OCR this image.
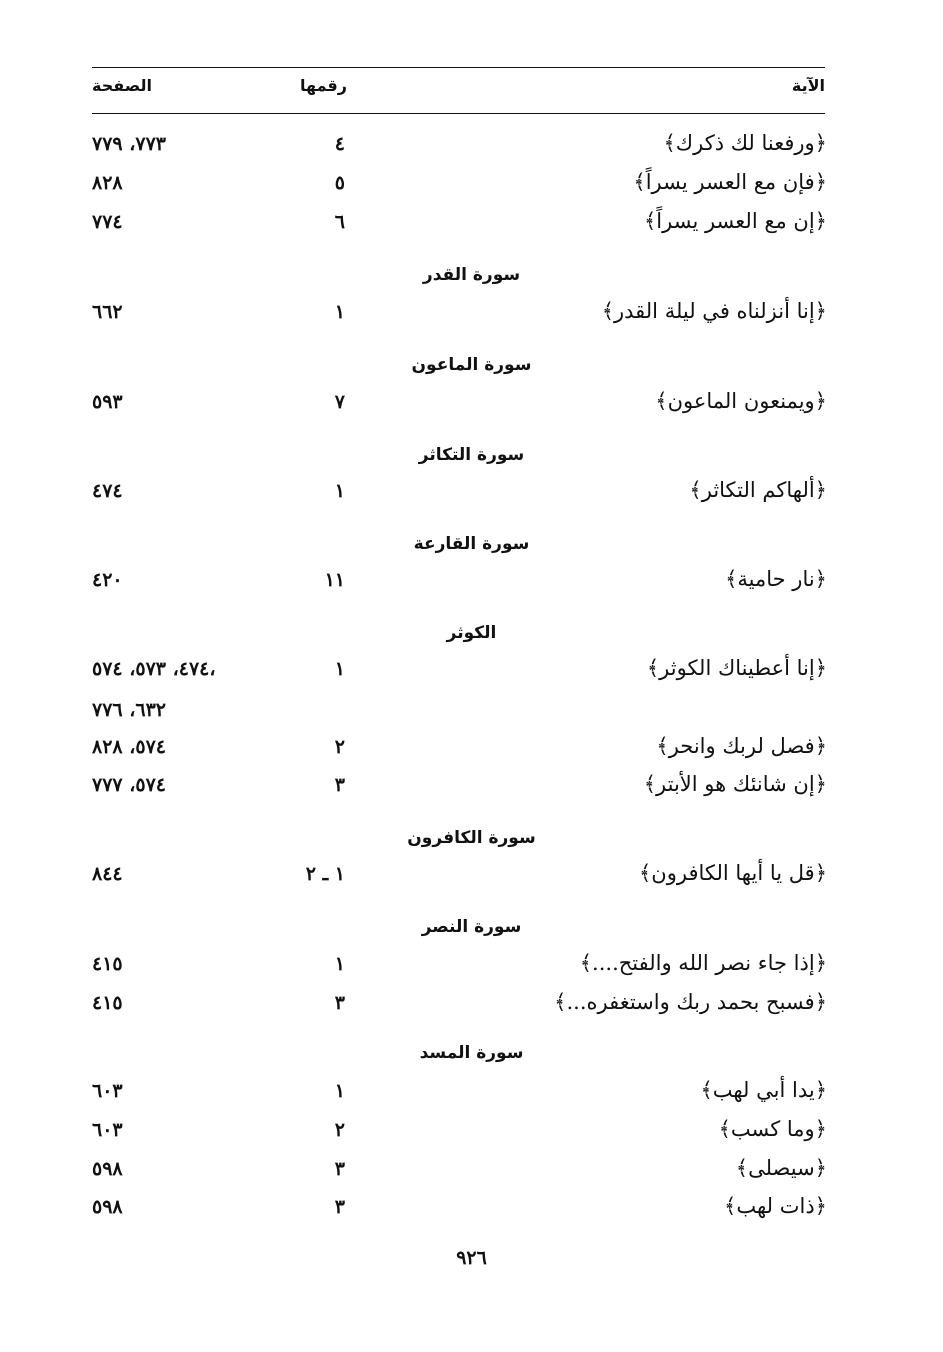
الآية
رقمها
الصفحة
﴿ورفعنا لك ذكرك﴾
٤
٧٧٣، ٧٧٩
﴿فإن مع العسر يسراً﴾
٥
٨٢٨
﴿إن مع العسر يسراً﴾
٦
٧٧٤
سورة القدر
﴿إنا أنزلناه في ليلة القدر﴾
١
٦٦٢
سورة الماعون
﴿ويمنعون الماعون﴾
٧
٥٩٣
سورة التكاثر
﴿ألهاكم التكاثر﴾
١
٤٧٤
سورة القارعة
﴿نار حامية﴾
١١
٤٢٠
الكوثر
﴿إنا أعطيناك الكوثر﴾
١
٤٧٤، ٥٧٣، ٥٧٤،
٦٣٢، ٧٧٦
﴿فصل لربك وانحر﴾
٢
٥٧٤، ٨٢٨
﴿إن شانئك هو الأبتر﴾
٣
٥٧٤، ٧٧٧
سورة الكافرون
﴿قل يا أيها الكافرون﴾
١ ـ ٢
٨٤٤
سورة النصر
﴿إذا جاء نصر الله والفتح....﴾
١
٤١٥
﴿فسبح بحمد ربك واستغفره...﴾
٣
٤١٥
سورة المسد
﴿يدا أبي لهب﴾
١
٦٠٣
﴿وما كسب﴾
٢
٦٠٣
﴿سيصلى﴾
٣
٥٩٨
﴿ذات لهب﴾
٣
٥٩٨
٩٢٦
